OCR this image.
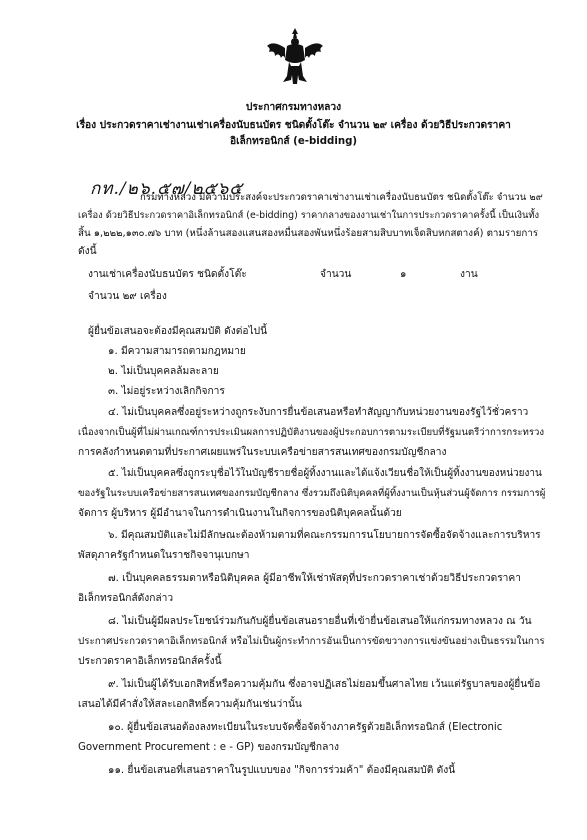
ประกาศกรมทางหลวง
เรื่อง ประกวดราคาเช่างานเช่าเครื่องนับธนบัตร ชนิดตั้งโต๊ะ จำนวน ๒๙ เครื่อง ด้วยวิธีประกวดราคา
อิเล็กทรอนิกส์ (e-bidding)
กท./๒๖.๕๗/๒๕๖๕
กรมทางหลวง มีความประสงค์จะประกวดราคาเช่างานเช่าเครื่องนับธนบัตร ชนิดตั้งโต๊ะ จำนวน ๒๙
เครื่อง ด้วยวิธีประกวดราคาอิเล็กทรอนิกส์ (e-bidding) ราคากลางของงานเช่าในการประกวดราคาครั้งนี้ เป็นเงินทั้ง
สิ้น ๑,๒๒๒,๑๓๐.๗๖ บาท (หนึ่งล้านสองแสนสองหมื่นสองพันหนึ่งร้อยสามสิบบาทเจ็ดสิบหกสตางค์) ตามรายการ
ดังนี้
งานเช่าเครื่องนับธนบัตร ชนิดตั้งโต๊ะ	จำนวน	๑	งาน
จำนวน ๒๙ เครื่อง
ผู้ยื่นข้อเสนอจะต้องมีคุณสมบัติ ดังต่อไปนี้
๑. มีความสามารถตามกฎหมาย
๒. ไม่เป็นบุคคลล้มละลาย
๓. ไม่อยู่ระหว่างเลิกกิจการ
๔. ไม่เป็นบุคคลซึ่งอยู่ระหว่างถูกระงับการยื่นข้อเสนอหรือทำสัญญากับหน่วยงานของรัฐไว้ชั่วคราว
เนื่องจากเป็นผู้ที่ไม่ผ่านเกณฑ์การประเมินผลการปฏิบัติงานของผู้ประกอบการตามระเบียบที่รัฐมนตรีว่าการกระทรวง
การคลังกำหนดตามที่ประกาศเผยแพร่ในระบบเครือข่ายสารสนเทศของกรมบัญชีกลาง
๕. ไม่เป็นบุคคลซึ่งถูกระบุชื่อไว้ในบัญชีรายชื่อผู้ทิ้งงานและได้แจ้งเวียนชื่อให้เป็นผู้ทิ้งงานของหน่วยงาน
ของรัฐในระบบเครือข่ายสารสนเทศของกรมบัญชีกลาง ซึ่งรวมถึงนิติบุคคลที่ผู้ทิ้งงานเป็นหุ้นส่วนผู้จัดการ กรรมการผู้
จัดการ ผู้บริหาร ผู้มีอำนาจในการดำเนินงานในกิจการของนิติบุคคลนั้นด้วย
๖. มีคุณสมบัติและไม่มีลักษณะต้องห้ามตามที่คณะกรรมการนโยบายการจัดซื้อจัดจ้างและการบริหาร
พัสดุภาครัฐกำหนดในราชกิจจานุเบกษา
๗. เป็นบุคคลธรรมดาหรือนิติบุคคล ผู้มีอาชีพให้เช่าพัสดุที่ประกวดราคาเช่าด้วยวิธีประกวดราคา
อิเล็กทรอนิกส์ดังกล่าว
๘. ไม่เป็นผู้มีผลประโยชน์ร่วมกันกับผู้ยื่นข้อเสนอรายอื่นที่เข้ายื่นข้อเสนอให้แก่กรมทางหลวง ณ วัน
ประกาศประกวดราคาอิเล็กทรอนิกส์ หรือไม่เป็นผู้กระทำการอันเป็นการขัดขวางการแข่งขันอย่างเป็นธรรมในการ
ประกวดราคาอิเล็กทรอนิกส์ครั้งนี้
๙. ไม่เป็นผู้ได้รับเอกสิทธิ์หรือความคุ้มกัน ซึ่งอาจปฏิเสธไม่ยอมขึ้นศาลไทย เว้นแต่รัฐบาลของผู้ยื่นข้อ
เสนอได้มีคำสั่งให้สละเอกสิทธิ์ความคุ้มกันเช่นว่านั้น
๑๐. ผู้ยื่นข้อเสนอต้องลงทะเบียนในระบบจัดซื้อจัดจ้างภาครัฐด้วยอิเล็กทรอนิกส์ (Electronic
Government Procurement : e - GP) ของกรมบัญชีกลาง
๑๑. ยื่นข้อเสนอที่เสนอราคาในรูปแบบของ "กิจการร่วมค้า" ต้องมีคุณสมบัติ ดังนี้
